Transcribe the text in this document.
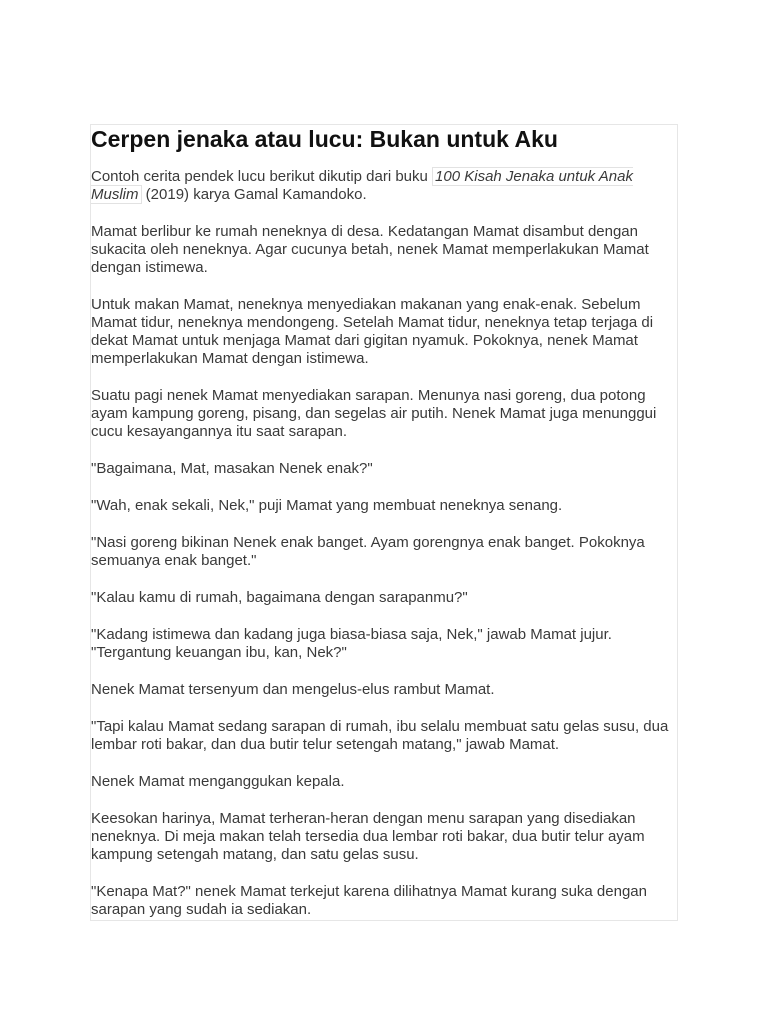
Cerpen jenaka atau lucu: Bukan untuk Aku

Contoh cerita pendek lucu berikut dikutip dari buku 100 Kisah Jenaka untuk Anak Muslim (2019) karya Gamal Kamandoko.

Mamat berlibur ke rumah neneknya di desa. Kedatangan Mamat disambut dengan sukacita oleh neneknya. Agar cucunya betah, nenek Mamat memperlakukan Mamat dengan istimewa.

Untuk makan Mamat, neneknya menyediakan makanan yang enak-enak. Sebelum Mamat tidur, neneknya mendongeng. Setelah Mamat tidur, neneknya tetap terjaga di dekat Mamat untuk menjaga Mamat dari gigitan nyamuk. Pokoknya, nenek Mamat memperlakukan Mamat dengan istimewa.

Suatu pagi nenek Mamat menyediakan sarapan. Menunya nasi goreng, dua potong ayam kampung goreng, pisang, dan segelas air putih. Nenek Mamat juga menunggui cucu kesayangannya itu saat sarapan.

"Bagaimana, Mat, masakan Nenek enak?"

"Wah, enak sekali, Nek," puji Mamat yang membuat neneknya senang.

"Nasi goreng bikinan Nenek enak banget. Ayam gorengnya enak banget. Pokoknya semuanya enak banget."

"Kalau kamu di rumah, bagaimana dengan sarapanmu?"

"Kadang istimewa dan kadang juga biasa-biasa saja, Nek," jawab Mamat jujur. "Tergantung keuangan ibu, kan, Nek?"

Nenek Mamat tersenyum dan mengelus-elus rambut Mamat.

"Tapi kalau Mamat sedang sarapan di rumah, ibu selalu membuat satu gelas susu, dua lembar roti bakar, dan dua butir telur setengah matang," jawab Mamat.

Nenek Mamat menganggukan kepala.

Keesokan harinya, Mamat terheran-heran dengan menu sarapan yang disediakan neneknya. Di meja makan telah tersedia dua lembar roti bakar, dua butir telur ayam kampung setengah matang, dan satu gelas susu.

"Kenapa Mat?" nenek Mamat terkejut karena dilihatnya Mamat kurang suka dengan sarapan yang sudah ia sediakan.
